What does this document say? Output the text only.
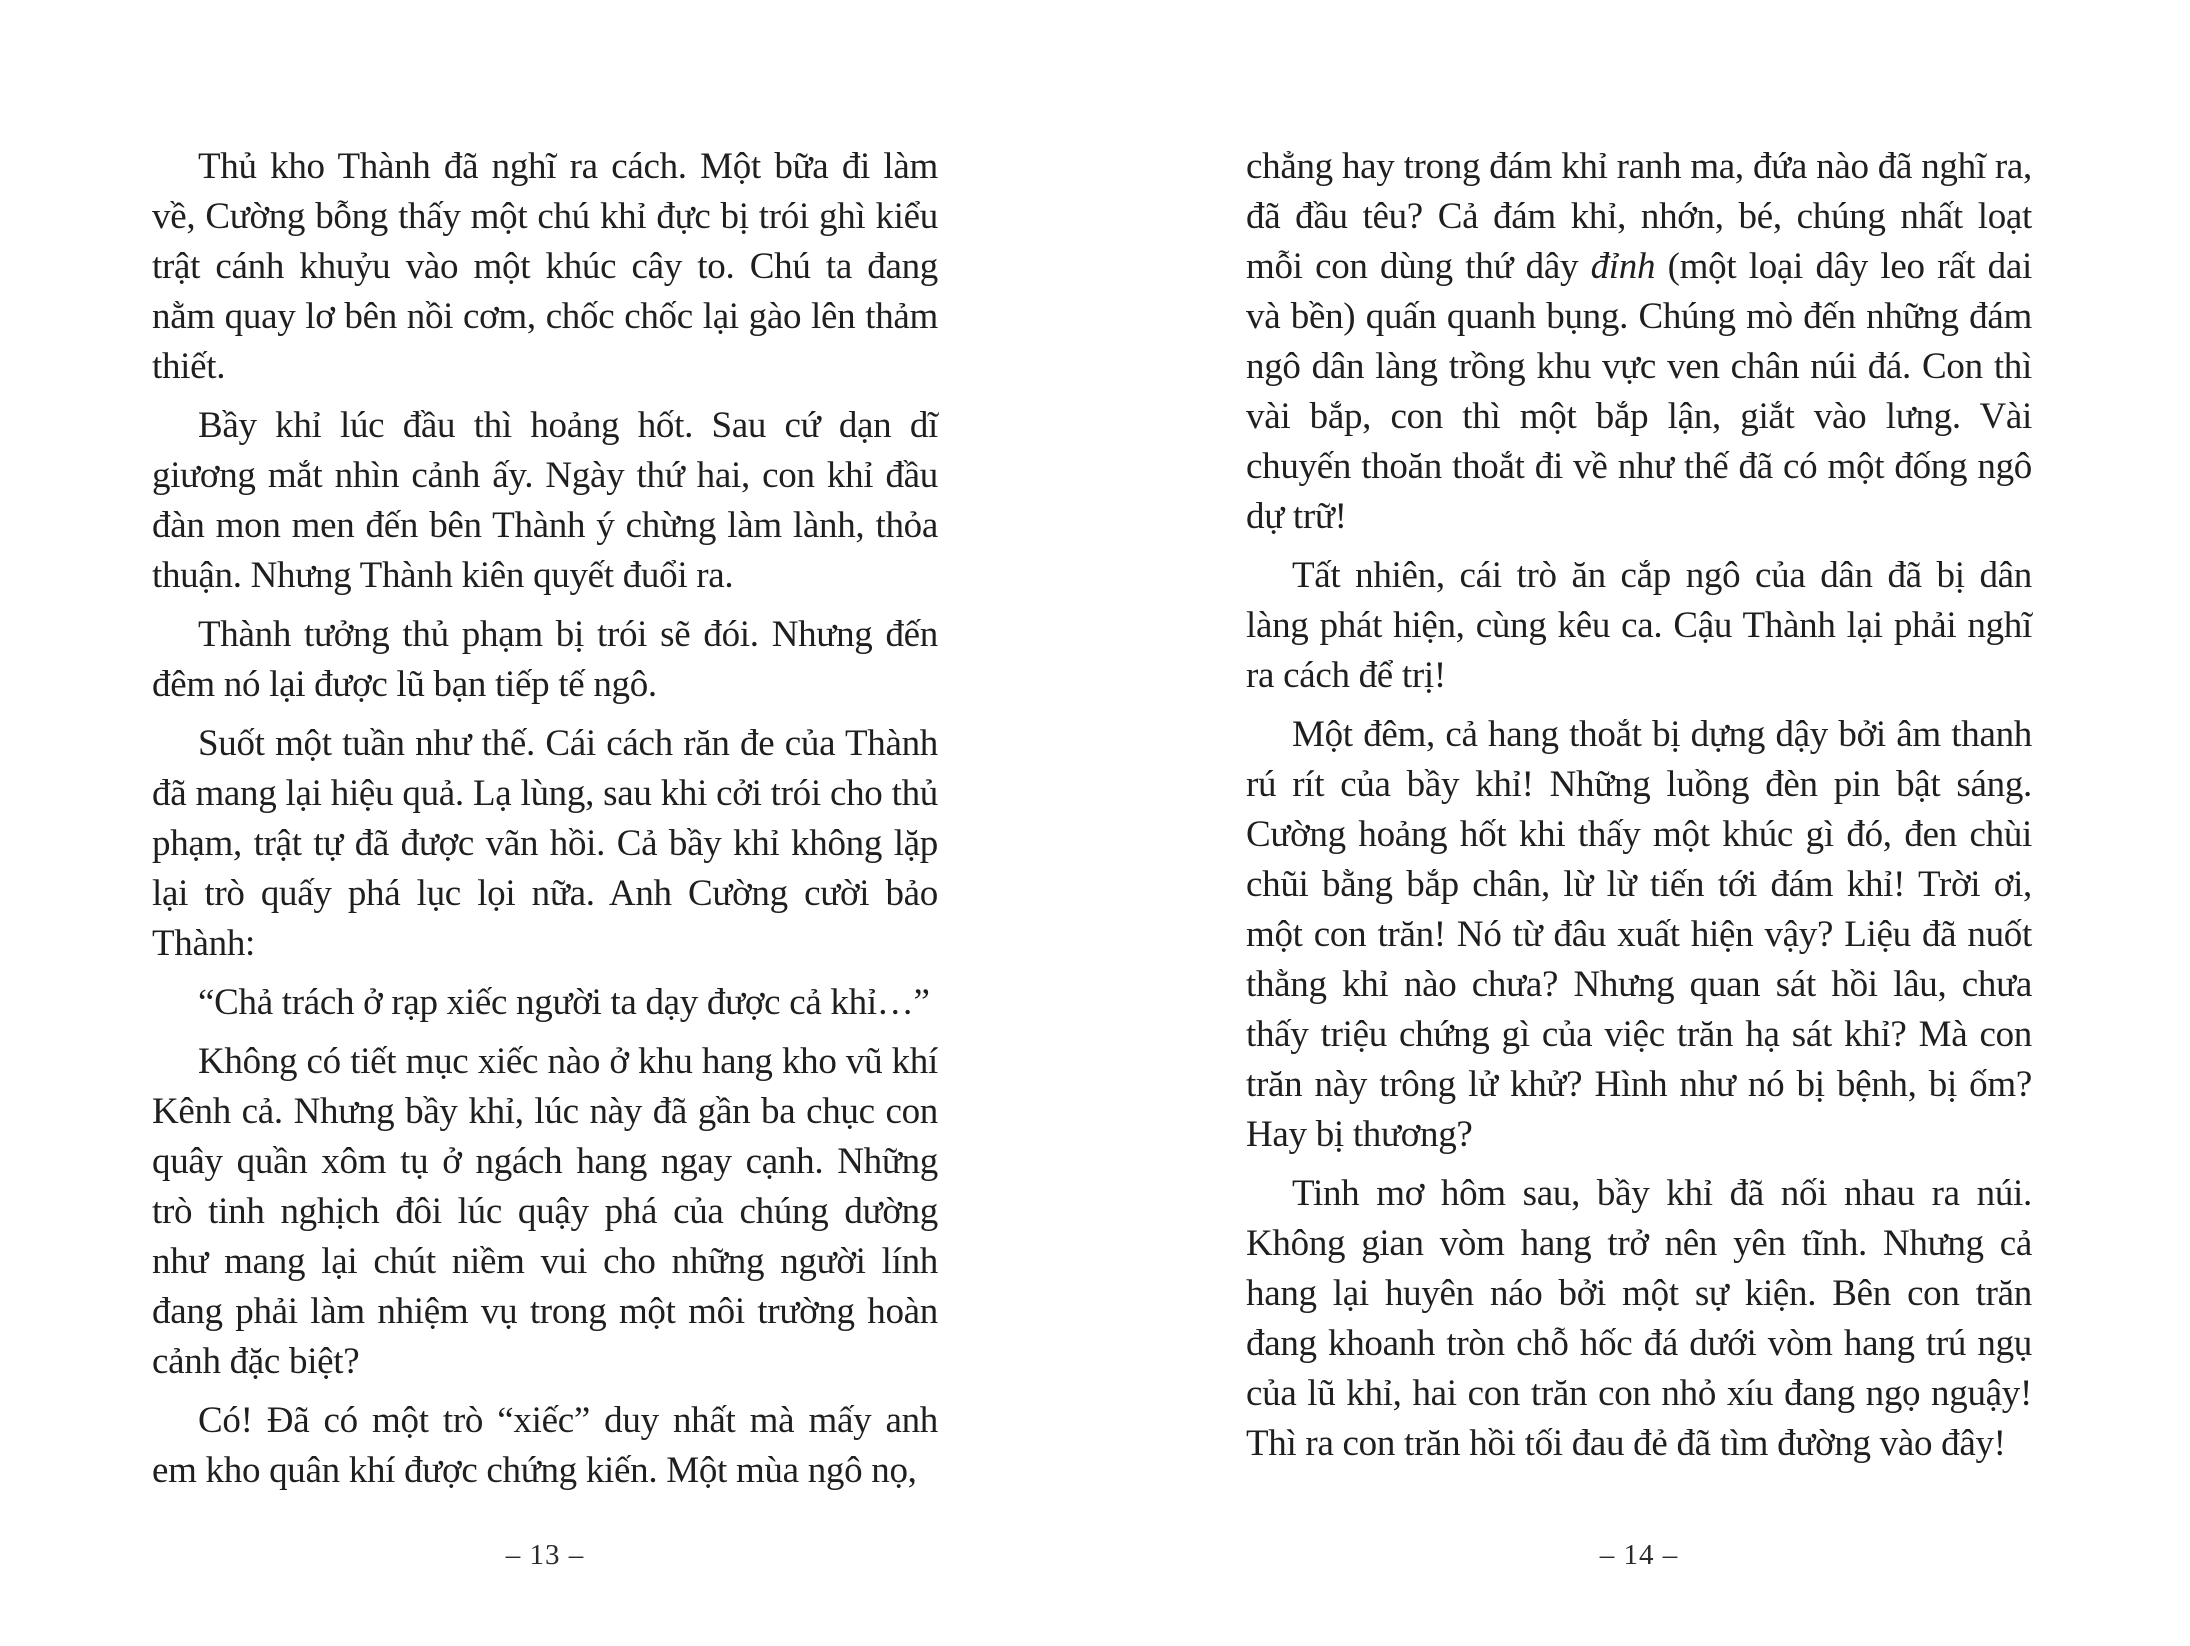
Thủ kho Thành đã nghĩ ra cách. Một bữa đi làm về, Cường bỗng thấy một chú khỉ đực bị trói ghì kiểu trật cánh khuỷu vào một khúc cây to. Chú ta đang nằm quay lơ bên nồi cơm, chốc chốc lại gào lên thảm thiết.

Bầy khỉ lúc đầu thì hoảng hốt. Sau cứ dạn dĩ giương mắt nhìn cảnh ấy. Ngày thứ hai, con khỉ đầu đàn mon men đến bên Thành ý chừng làm lành, thỏa thuận. Nhưng Thành kiên quyết đuổi ra.

Thành tưởng thủ phạm bị trói sẽ đói. Nhưng đến đêm nó lại được lũ bạn tiếp tế ngô.

Suốt một tuần như thế. Cái cách răn đe của Thành đã mang lại hiệu quả. Lạ lùng, sau khi cởi trói cho thủ phạm, trật tự đã được vãn hồi. Cả bầy khỉ không lặp lại trò quấy phá lục lọi nữa. Anh Cường cười bảo Thành:

“Chả trách ở rạp xiếc người ta dạy được cả khỉ…”

Không có tiết mục xiếc nào ở khu hang kho vũ khí Kênh cả. Nhưng bầy khỉ, lúc này đã gần ba chục con quây quần xôm tụ ở ngách hang ngay cạnh. Những trò tinh nghịch đôi lúc quậy phá của chúng dường như mang lại chút niềm vui cho những người lính đang phải làm nhiệm vụ trong một môi trường hoàn cảnh đặc biệt?

Có! Đã có một trò “xiếc” duy nhất mà mấy anh em kho quân khí được chứng kiến. Một mùa ngô nọ,

chẳng hay trong đám khỉ ranh ma, đứa nào đã nghĩ ra, đã đầu têu? Cả đám khỉ, nhớn, bé, chúng nhất loạt mỗi con dùng thứ dây đỉnh (một loại dây leo rất dai và bền) quấn quanh bụng. Chúng mò đến những đám ngô dân làng trồng khu vực ven chân núi đá. Con thì vài bắp, con thì một bắp lận, giắt vào lưng. Vài chuyến thoăn thoắt đi về như thế đã có một đống ngô dự trữ!

Tất nhiên, cái trò ăn cắp ngô của dân đã bị dân làng phát hiện, cùng kêu ca. Cậu Thành lại phải nghĩ ra cách để trị!

Một đêm, cả hang thoắt bị dựng dậy bởi âm thanh rú rít của bầy khỉ! Những luồng đèn pin bật sáng. Cường hoảng hốt khi thấy một khúc gì đó, đen chùi chũi bằng bắp chân, lừ lừ tiến tới đám khỉ! Trời ơi, một con trăn! Nó từ đâu xuất hiện vậy? Liệu đã nuốt thằng khỉ nào chưa? Nhưng quan sát hồi lâu, chưa thấy triệu chứng gì của việc trăn hạ sát khỉ? Mà con trăn này trông lử khử? Hình như nó bị bệnh, bị ốm? Hay bị thương?

Tinh mơ hôm sau, bầy khỉ đã nối nhau ra núi. Không gian vòm hang trở nên yên tĩnh. Nhưng cả hang lại huyên náo bởi một sự kiện. Bên con trăn đang khoanh tròn chỗ hốc đá dưới vòm hang trú ngụ của lũ khỉ, hai con trăn con nhỏ xíu đang ngọ nguậy! Thì ra con trăn hồi tối đau đẻ đã tìm đường vào đây!

– 13 –	– 14 –
